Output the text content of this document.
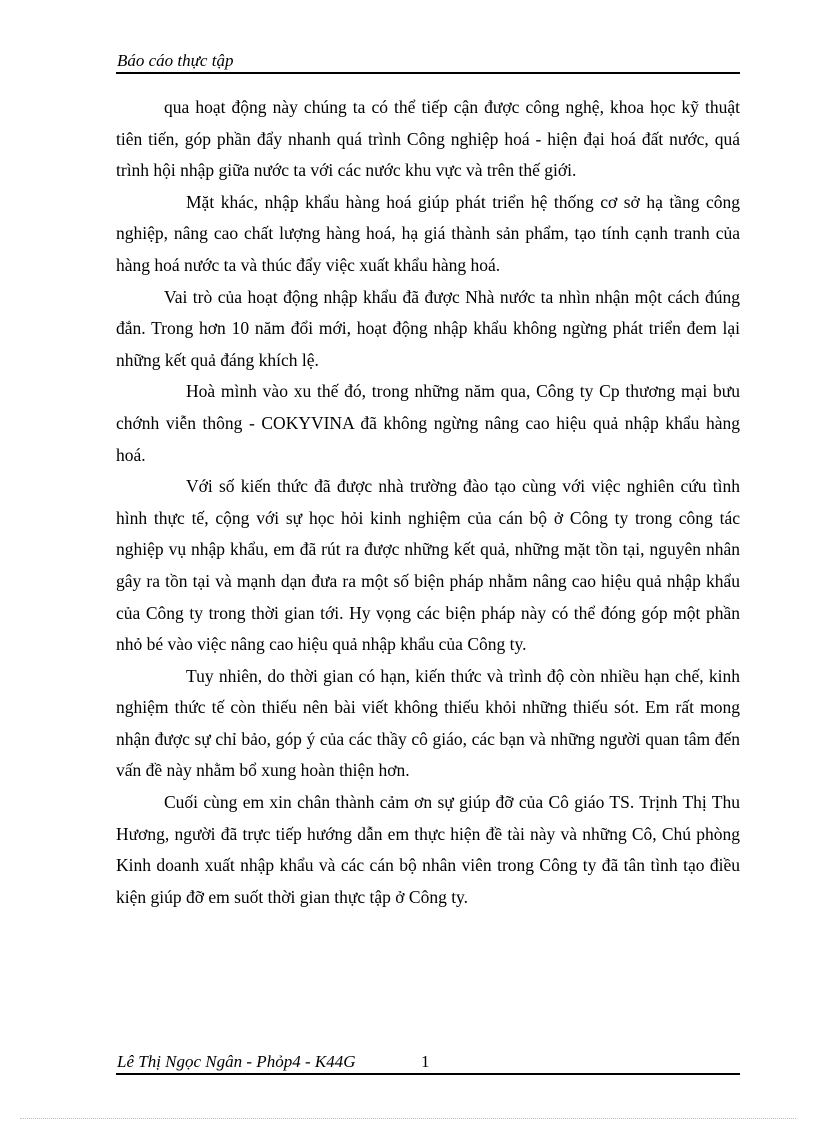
Báo cáo thực tập

qua hoạt động này chúng ta có thể tiếp cận được công nghệ, khoa học kỹ thuật tiên tiến, góp phần đẩy nhanh quá trình Công nghiệp hoá - hiện đại hoá đất nước, quá trình hội nhập giữa nước ta với các nước khu vực và trên thế giới.

Mặt khác, nhập khẩu hàng hoá giúp phát triển hệ thống cơ sở hạ tầng công nghiệp, nâng cao chất lượng hàng hoá, hạ giá thành sản phẩm, tạo tính cạnh tranh của hàng hoá nước ta và thúc đẩy việc xuất khẩu hàng hoá.

Vai trò của hoạt động nhập khẩu đã được Nhà nước ta nhìn nhận một cách đúng đắn. Trong hơn 10 năm đổi mới, hoạt động nhập khẩu không ngừng phát triển đem lại những kết quả đáng khích lệ.

Hoà mình vào xu thế đó, trong những năm qua, Công ty Cp thương mại bưu chớnh viễn thông - COKYVINA đã không ngừng nâng cao hiệu quả nhập khẩu hàng hoá.

Với số kiến thức đã được nhà trường đào tạo cùng với việc nghiên cứu tình hình thực tế, cộng với sự học hỏi kinh nghiệm của cán bộ ở Công ty trong công tác nghiệp vụ nhập khẩu, em đã rút ra được những kết quả, những mặt tồn tại, nguyên nhân gây ra tồn tại và mạnh dạn đưa ra một số biện pháp nhằm nâng cao hiệu quả nhập khẩu của Công ty trong thời gian tới. Hy vọng các biện pháp này có thể đóng góp một phần nhỏ bé vào việc nâng cao hiệu quả nhập khẩu của Công ty.

Tuy nhiên, do thời gian có hạn, kiến thức và trình độ còn nhiều hạn chế, kinh nghiệm thức tế còn thiếu nên bài viết không thiếu khỏi những thiếu sót. Em rất mong nhận được sự chỉ bảo, góp ý của các thầy cô giáo, các bạn và những người quan tâm đến vấn đề này nhằm bổ xung hoàn thiện hơn.

Cuối cùng em xin chân thành cảm ơn sự giúp đỡ của Cô giáo TS. Trịnh Thị Thu Hương, người đã trực tiếp hướng dẫn em thực hiện đề tài này và những Cô, Chú phòng Kinh doanh xuất nhập khẩu và các cán bộ nhân viên trong Công ty đã tân tình tạo điều kiện giúp đỡ em suốt thời gian thực tập ở Công ty.

Lê Thị Ngọc Ngân - Phỏp4 - K44G	1
